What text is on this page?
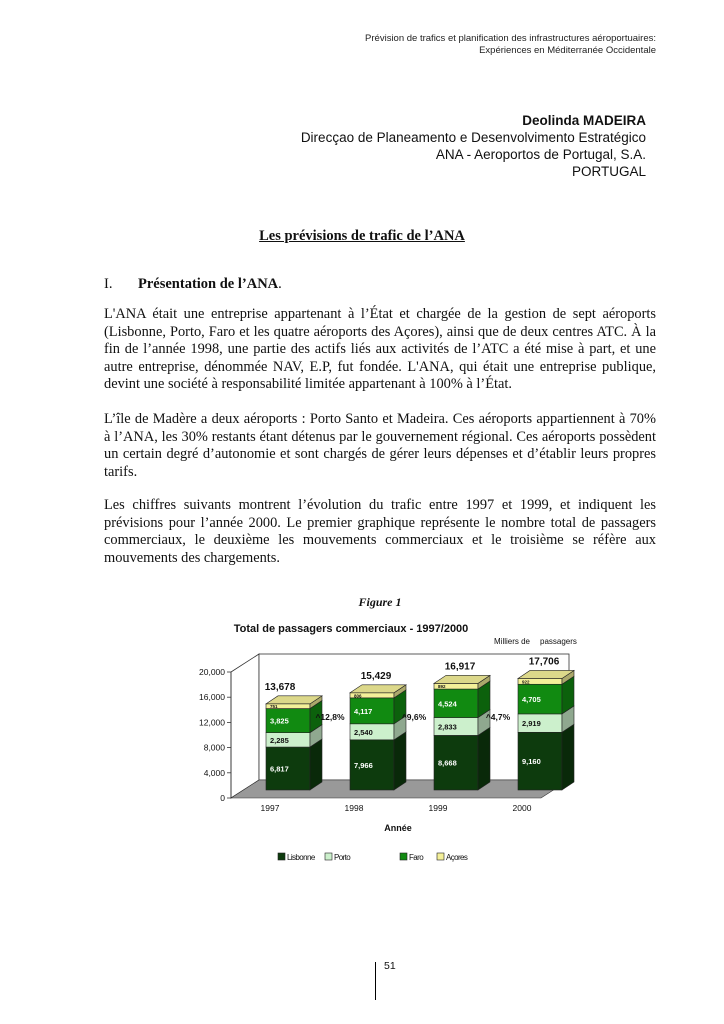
Prévision de trafics et planification des infrastructures aéroportuaires:
Expériences en Méditerranée Occidentale
Deolinda MADEIRA
Direcçao de Planeamento e Desenvolvimento Estratégico
ANA - Aeroportos de Portugal, S.A.
PORTUGAL
Les prévisions de trafic de l’ANA
I. Présentation de l’ANA.

L'ANA était une entreprise appartenant à l’État et chargée de la gestion de sept aéroports (Lisbonne, Porto, Faro et les quatre aéroports des Açores), ainsi que de deux centres ATC. À la fin de l’année 1998, une partie des actifs liés aux activités de l’ATC a été mise à part, et une autre entreprise, dénommée NAV, E.P, fut fondée. L'ANA, qui était une entreprise publique, devint une société à responsabilité limitée appartenant à 100% à l’État.

L’île de Madère a deux aéroports : Porto Santo et Madeira. Ces aéroports appartiennent à 70% à l’ANA, les 30% restants étant détenus par le gouvernement régional. Ces aéroports possèdent un certain degré d’autonomie et sont chargés de gérer leurs dépenses et d’établir leurs propres tarifs.

Les chiffres suivants montrent l’évolution du trafic entre 1997 et 1999, et indiquent les prévisions pour l’année 2000. Le premier graphique représente le nombre total de passagers commerciaux, le deuxième les mouvements commerciaux et le troisième se réfère aux mouvements des chargements.

Figure 1
Total de passagers commerciaux - 1997/2000
Milliers de passagers
0
4,000
8,000
12,000
16,000
20,000
6,817
2,285
3,825
751
13,678
7,966
2,540
4,117
806
15,429
8,668
2,833
4,524
892
16,917
9,160
2,919
4,705
922
17,706
^12,8%	^9,6%	^4,7%
1997	1998	1999	2000
Année
Lisbonne Porto	Faro	Açores
51
